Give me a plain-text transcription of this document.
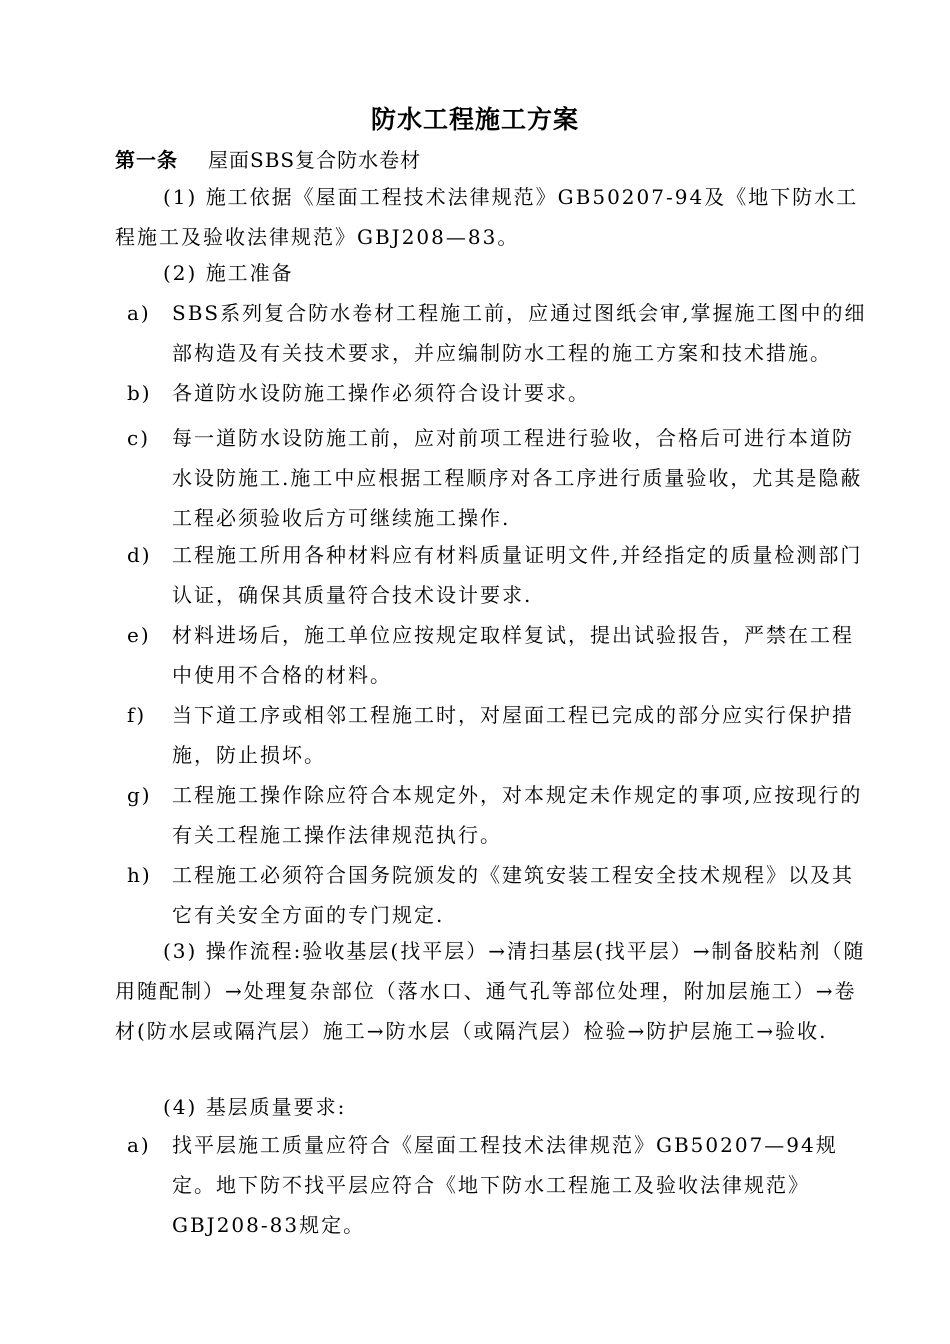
防水工程施工方案
第一条 屋面SBS复合防水卷材
(1) 施工依据《屋面工程技术法律规范》GB50207-94及《地下防水工程施工及验收法律规范》GBJ208—83。
(2) 施工准备
a) SBS系列复合防水卷材工程施工前，应通过图纸会审,掌握施工图中的细部构造及有关技术要求，并应编制防水工程的施工方案和技术措施。
b) 各道防水设防施工操作必须符合设计要求。
c) 每一道防水设防施工前，应对前项工程进行验收，合格后可进行本道防水设防施工.施工中应根据工程顺序对各工序进行质量验收，尤其是隐蔽工程必须验收后方可继续施工操作.
d) 工程施工所用各种材料应有材料质量证明文件,并经指定的质量检测部门认证，确保其质量符合技术设计要求.
e) 材料进场后，施工单位应按规定取样复试，提出试验报告，严禁在工程中使用不合格的材料。
f) 当下道工序或相邻工程施工时，对屋面工程已完成的部分应实行保护措施，防止损坏。
g) 工程施工操作除应符合本规定外，对本规定未作规定的事项,应按现行的有关工程施工操作法律规范执行。
h) 工程施工必须符合国务院颁发的《建筑安装工程安全技术规程》以及其它有关安全方面的专门规定.
(3) 操作流程:验收基层(找平层）→清扫基层(找平层）→制备胶粘剂（随用随配制）→处理复杂部位（落水口、通气孔等部位处理，附加层施工）→卷材(防水层或隔汽层）施工→防水层（或隔汽层）检验→防护层施工→验收.
(4) 基层质量要求:
a) 找平层施工质量应符合《屋面工程技术法律规范》GB50207—94规定。地下防不找平层应符合《地下防水工程施工及验收法律规范》GBJ208-83规定。
